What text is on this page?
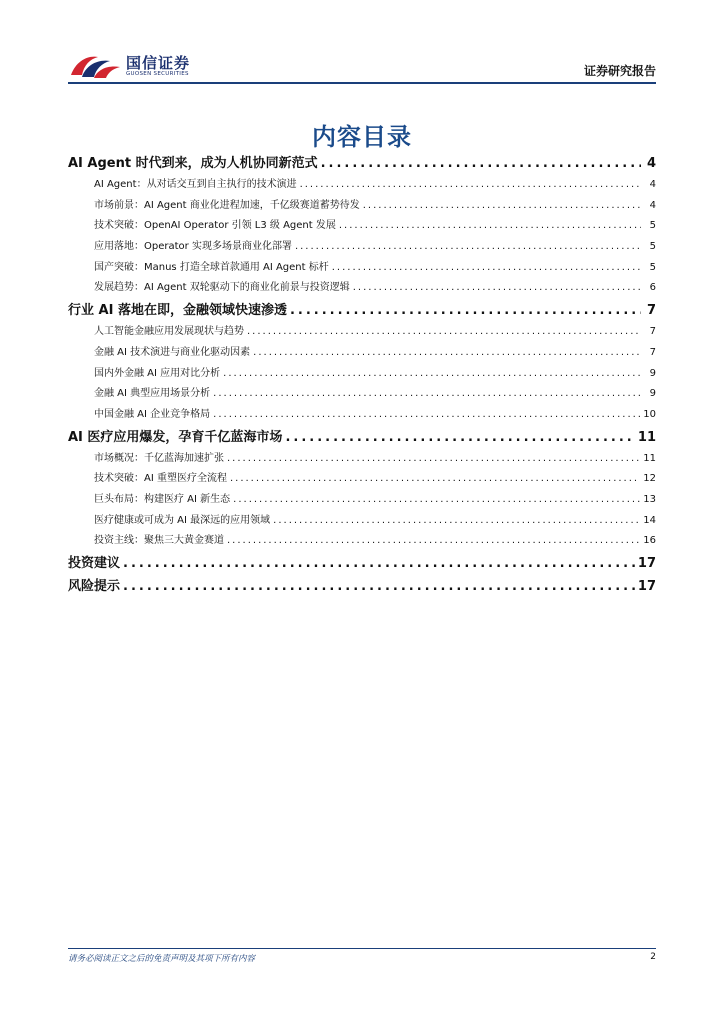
国信证券
GUOSEN SECURITIES	证券研究报告
内容目录
AI Agent 时代到来，成为人机协同新范式 .....	4
AI Agent：从对话交互到自主执行的技术演进 .....	4
市场前景：AI Agent 商业化进程加速，千亿级赛道蓄势待发 .....	4
技术突破：OpenAI Operator 引领 L3 级 Agent 发展 .....	5
应用落地：Operator 实现多场景商业化部署 .....	5
国产突破：Manus 打造全球首款通用 AI Agent 标杆 .....	5
发展趋势：AI Agent 双轮驱动下的商业化前景与投资逻辑 .....	6
行业 AI 落地在即，金融领域快速渗透 .....	7
人工智能金融应用发展现状与趋势 .....	7
金融 AI 技术演进与商业化驱动因素 .....	7
国内外金融 AI 应用对比分析 .....	9
金融 AI 典型应用场景分析 .....	9
中国金融 AI 企业竞争格局 .....	10
AI 医疗应用爆发，孕育千亿蓝海市场 .....	11
市场概况：千亿蓝海加速扩张 .....	11
技术突破：AI 重塑医疗全流程 .....	12
巨头布局：构建医疗 AI 新生态 .....	13
医疗健康或可成为 AI 最深远的应用领域 .....	14
投资主线：聚焦三大黄金赛道 .....	16
投资建议 .....	17
风险提示 .....	17
请务必阅读正文之后的免责声明及其项下所有内容	2
